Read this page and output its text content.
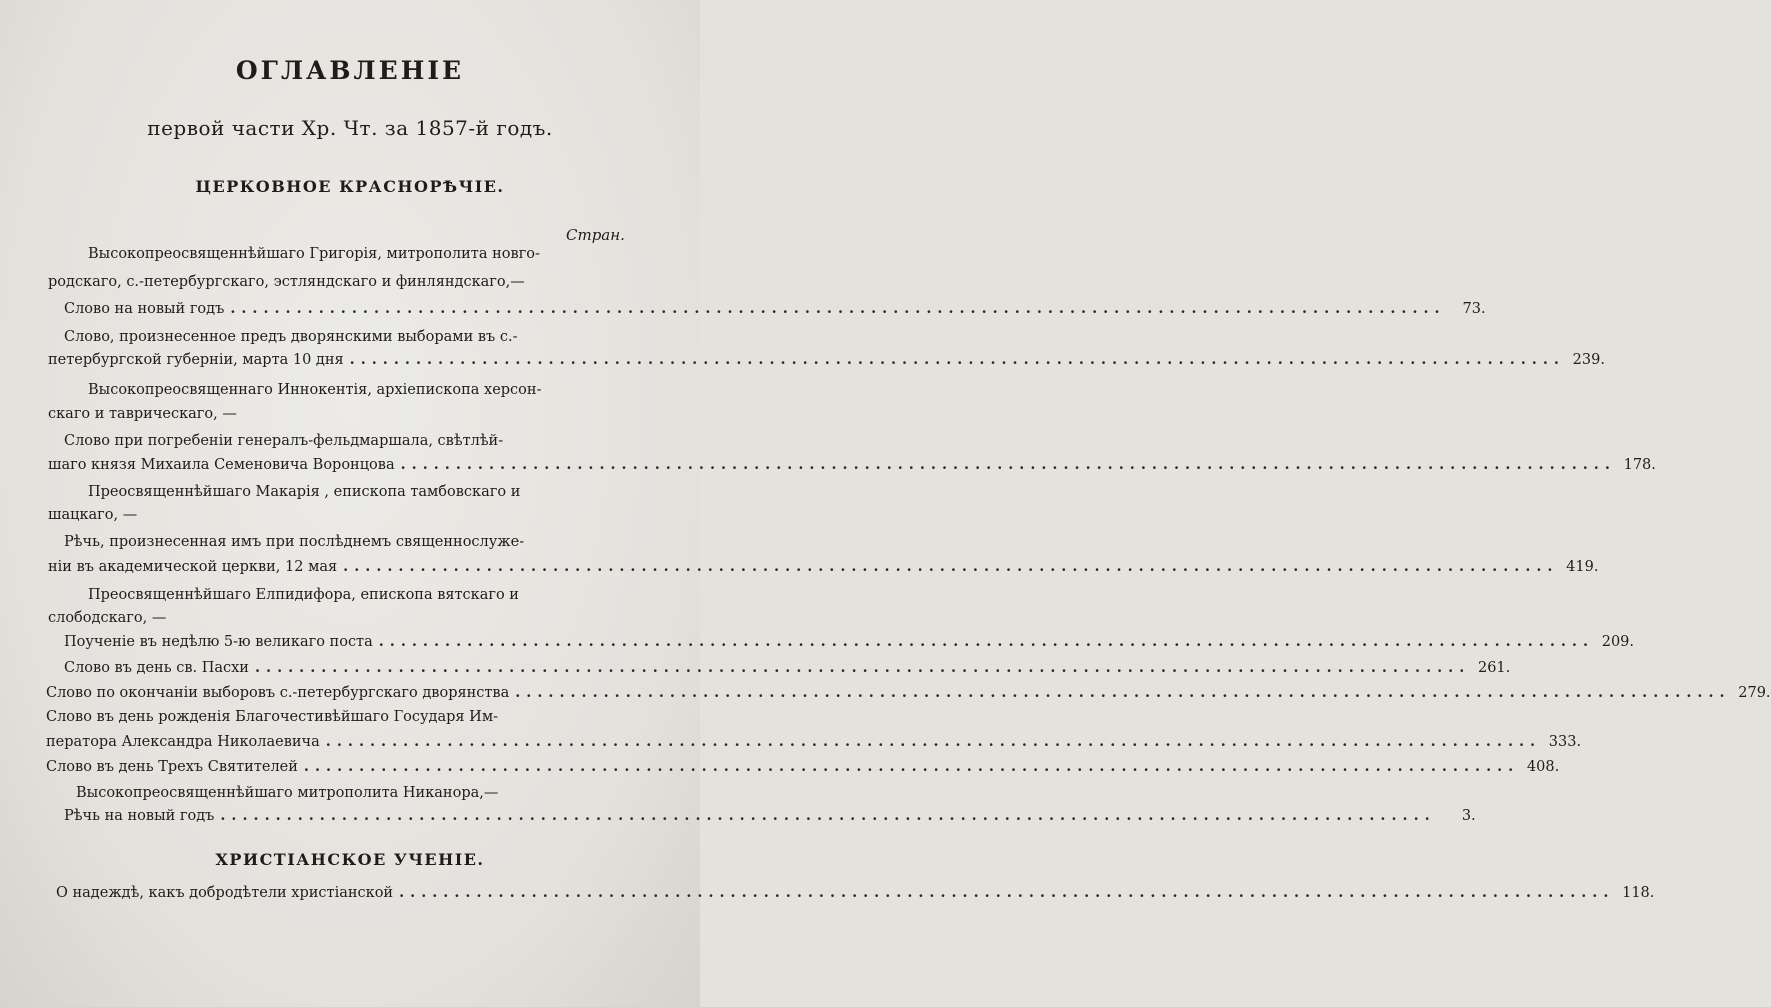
ОГЛАВЛЕНІЕ
первой части Хр. Чт. за 1857-й годъ.
ЦЕРКОВНОЕ КРАСНОРѢЧІЕ.
Стран.
Высокопреосвященнѣйшаго Григорія, митрополита новго-
родскаго, с.-петербургскаго, эстляндскаго и финляндскаго,—
Слово на новый годъ ..............................................................................................................	73.
Слово, произнесенное предъ дворянскими выборами въ с.-
петербургской губерніи, марта 10 дня .............................................................................................................. 239.
Высокопреосвященнаго Иннокентія, архіепископа херсон-
скаго и таврическаго, —
Слово при погребеніи генералъ-фельдмаршала, свѣтлѣй-
шаго князя Михаила Семеновича Воронцова .............................................................................................................. 178.
Преосвященнѣйшаго Макарія , епископа тамбовскаго и
шацкаго, —
Рѣчь, произнесенная имъ при послѣднемъ священнослуже-
ніи въ академической церкви, 12 мая .............................................................................................................. 419.
Преосвященнѣйшаго Елпидифора, епископа вятскаго и
слободскаго, —
Поученіе въ недѣлю 5-ю великаго поста .............................................................................................................. 209.
Слово въ день св. Пасхи .............................................................................................................. 261.
Слово по окончаніи выборовъ с.-петербургскаго дворянства .............................................................................................................. 279.
Слово въ день рожденія Благочестивѣйшаго Государя Им-
ператора Александра Николаевича .............................................................................................................. 333.
Слово въ день Трехъ Святителей .............................................................................................................. 408.
Высокопреосвященнѣйшаго митрополита Никанора,—
Рѣчь на новый годъ ..............................................................................................................	3.
ХРИСТІАНСКОЕ УЧЕНІЕ.
О надеждѣ, какъ добродѣтели христіанской .............................................................................................................. 118.
